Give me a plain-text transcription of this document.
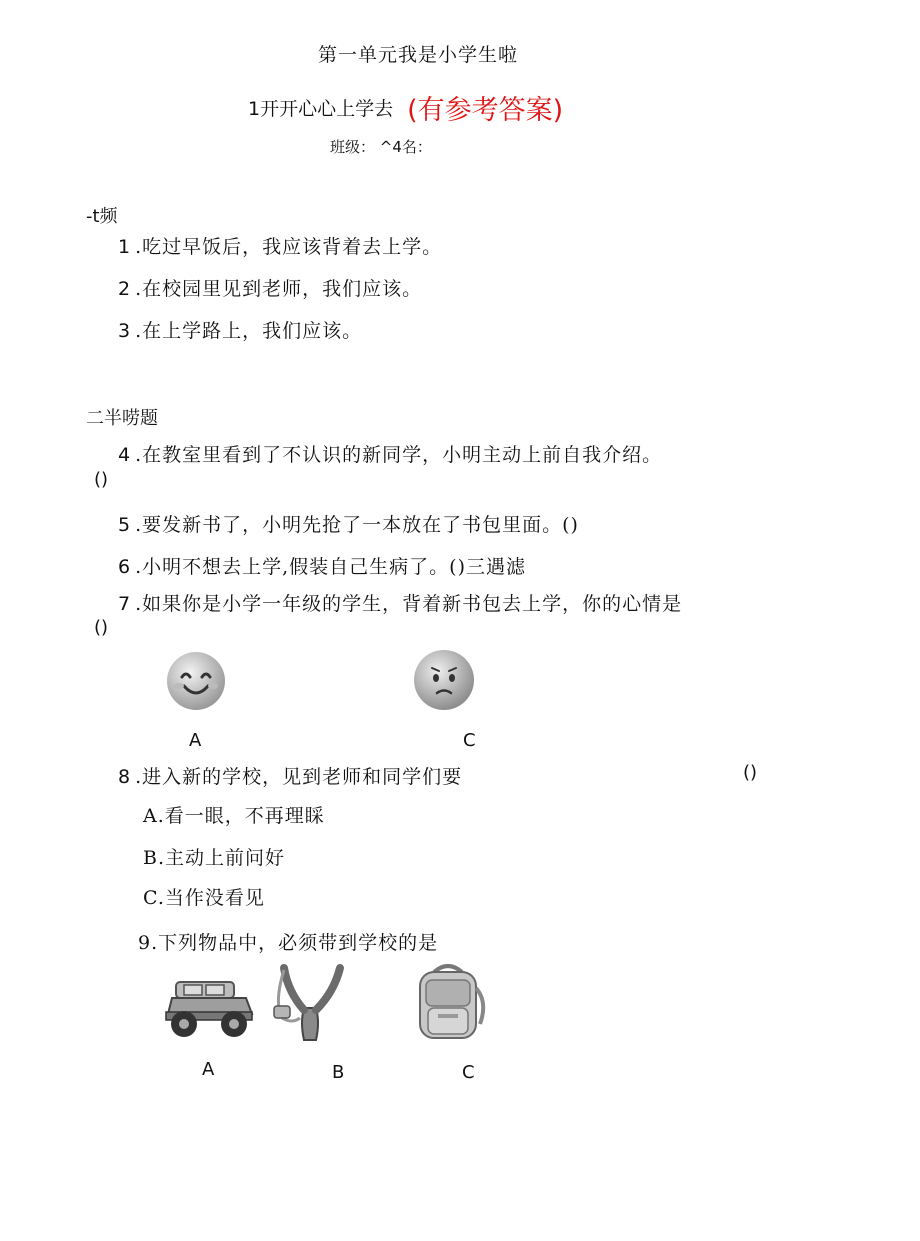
第一单元我是小学生啦
1开开心心上学去 (有参考答案)
班级： ^4名：
-t频
1 .吃过早饭后，我应该背着去上学。
2 .在校园里见到老师，我们应该。
3 .在上学路上，我们应该。
二半唠题
4 .在教室里看到了不认识的新同学，小明主动上前自我介绍。
()
5 .要发新书了，小明先抢了一本放在了书包里面。()
6 .小明不想去上学,假装自己生病了。()三遇滤
7 .如果你是小学一年级的学生，背着新书包去上学，你的心情是
()
A	C
8 .进入新的学校，见到老师和同学们要	()
A.看一眼，不再理睬
B.主动上前问好
C.当作没看见
9.下列物品中，必须带到学校的是
A	B	C
